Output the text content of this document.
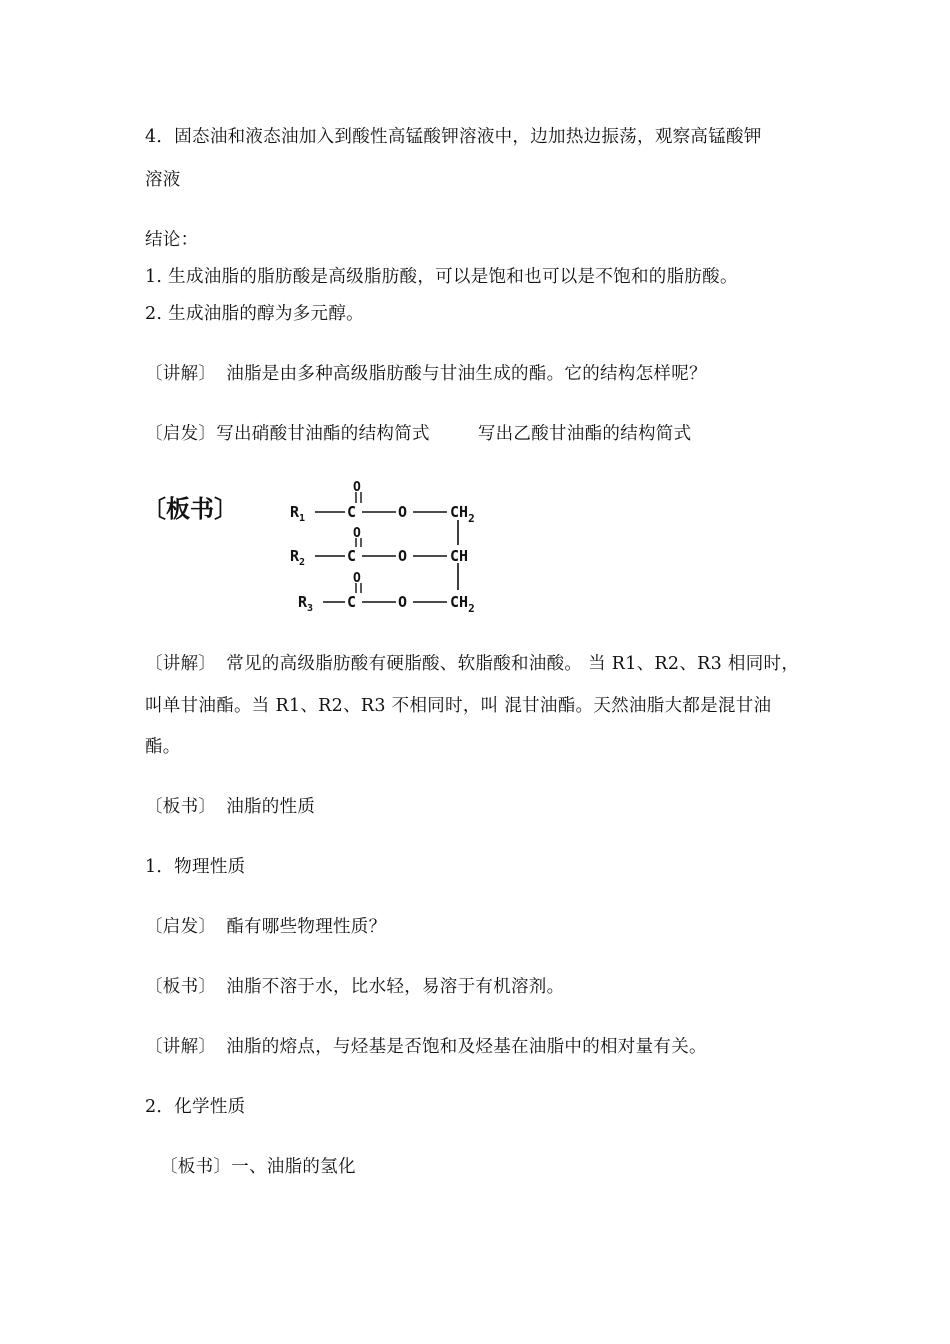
4．固态油和液态油加入到酸性高锰酸钾溶液中，边加热边振荡，观察高锰酸钾
溶液
结论：
1. 生成油脂的脂肪酸是高级脂肪酸，可以是饱和也可以是不饱和的脂肪酸。
2. 生成油脂的醇为多元醇。
〔讲解〕 油脂是由多种高级脂肪酸与甘油生成的酯。它的结构怎样呢？
〔启发〕写出硝酸甘油酯的结构简式	写出乙酸甘油酯的结构简式
〔板书〕	$R_1$	C
O
O	$CH_2$
$R_2$	C
O
O	CH
$R_3$ C
O
O	$CH_2$
〔讲解〕 常见的高级脂肪酸有硬脂酸、软脂酸和油酸。 当 R1、R2、R3 相同时，
叫单甘油酯。当 R1、R2、R3 不相同时，叫 混甘油酯。天然油脂大都是混甘油
酯。
〔板书〕 油脂的性质
1．物理性质
〔启发〕 酯有哪些物理性质？
〔板书〕 油脂不溶于水，比水轻，易溶于有机溶剂。
〔讲解〕 油脂的熔点，与烃基是否饱和及烃基在油脂中的相对量有关。
2．化学性质
〔板书〕一、油脂的氢化
